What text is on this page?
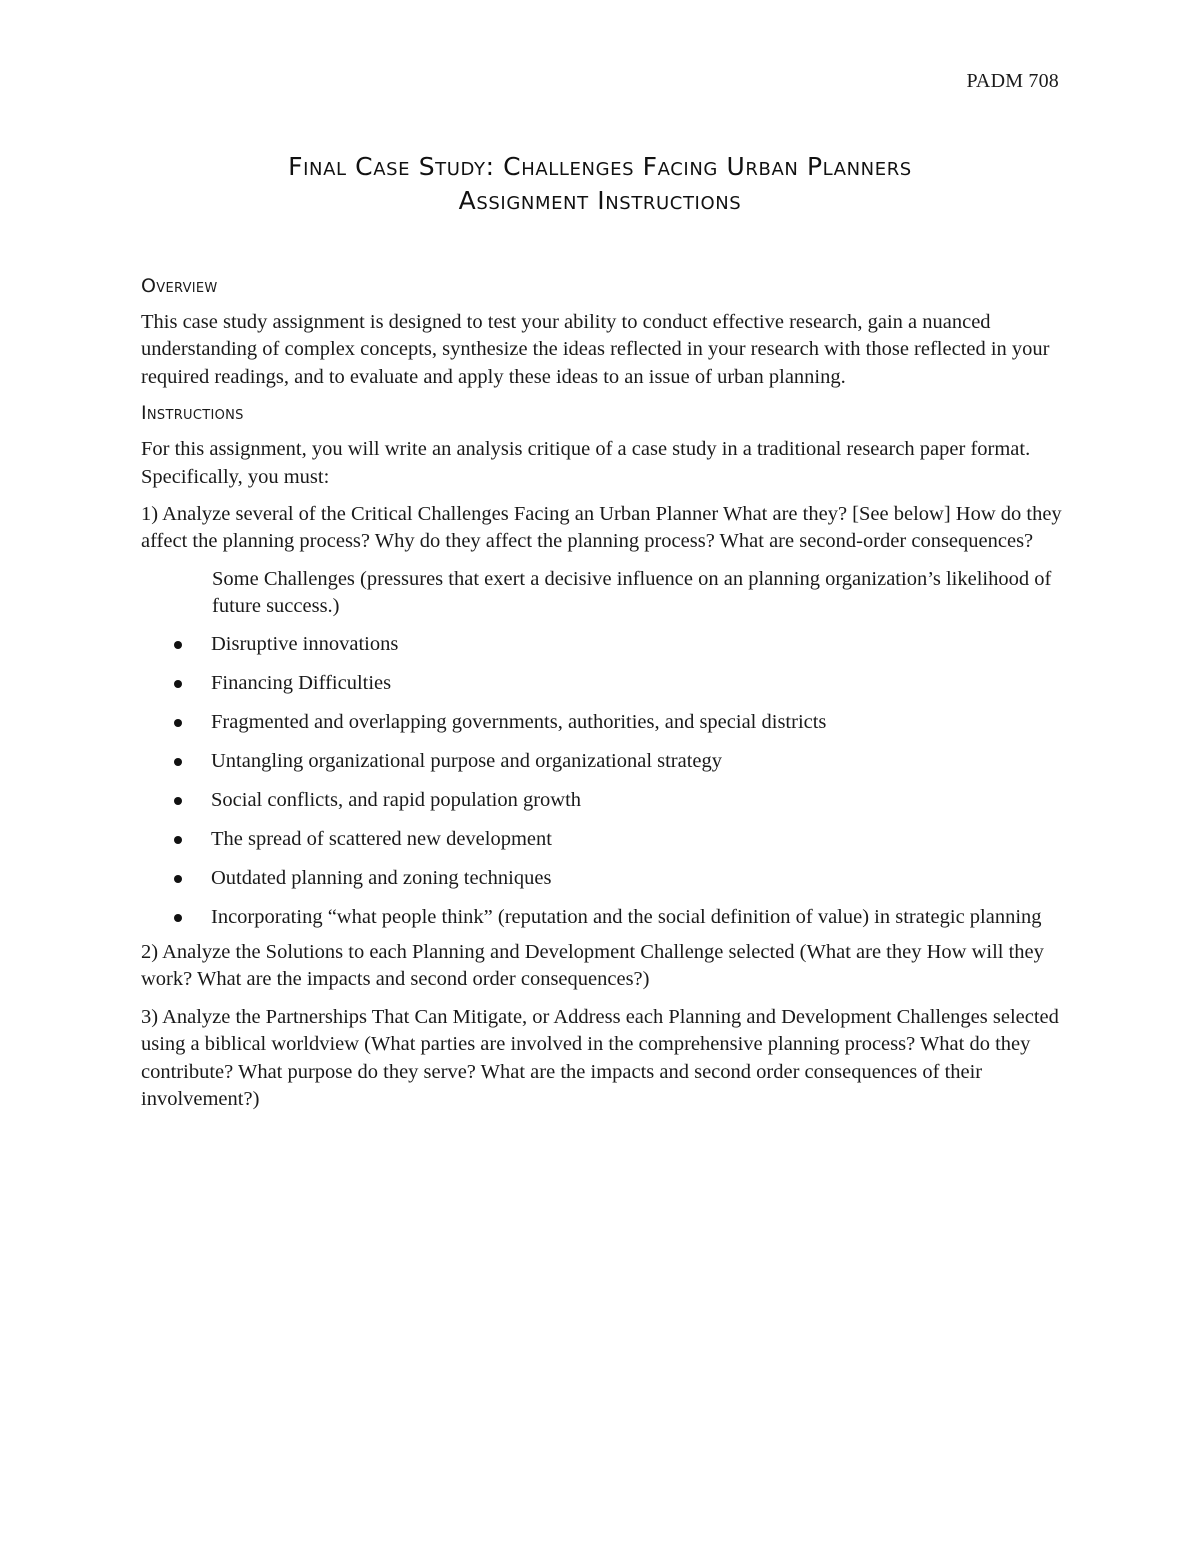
PADM 708
Final Case Study: Challenges Facing Urban Planners
Assignment Instructions
Overview

This case study assignment is designed to test your ability to conduct effective research, gain a nuanced understanding of complex concepts, synthesize the ideas reflected in your research with those reflected in your required readings, and to evaluate and apply these ideas to an issue of urban planning.

Instructions

For this assignment, you will write an analysis critique of a case study in a traditional research paper format. Specifically, you must:

1) Analyze several of the Critical Challenges Facing an Urban Planner What are they? [See below] How do they affect the planning process? Why do they affect the planning process? What are second-order consequences?

Some Challenges (pressures that exert a decisive influence on an planning organization’s likelihood of future success.)
Disruptive innovations
Financing Difficulties
Fragmented and overlapping governments, authorities, and special districts
Untangling organizational purpose and organizational strategy
Social conflicts, and rapid population growth
The spread of scattered new development
Outdated planning and zoning techniques
Incorporating “what people think” (reputation and the social definition of value) in strategic planning

2) Analyze the Solutions to each Planning and Development Challenge selected (What are they How will they work? What are the impacts and second order consequences?)

3) Analyze the Partnerships That Can Mitigate, or Address each Planning and Development Challenges selected using a biblical worldview (What parties are involved in the comprehensive planning process? What do they contribute? What purpose do they serve? What are the impacts and second order consequences of their involvement?)
